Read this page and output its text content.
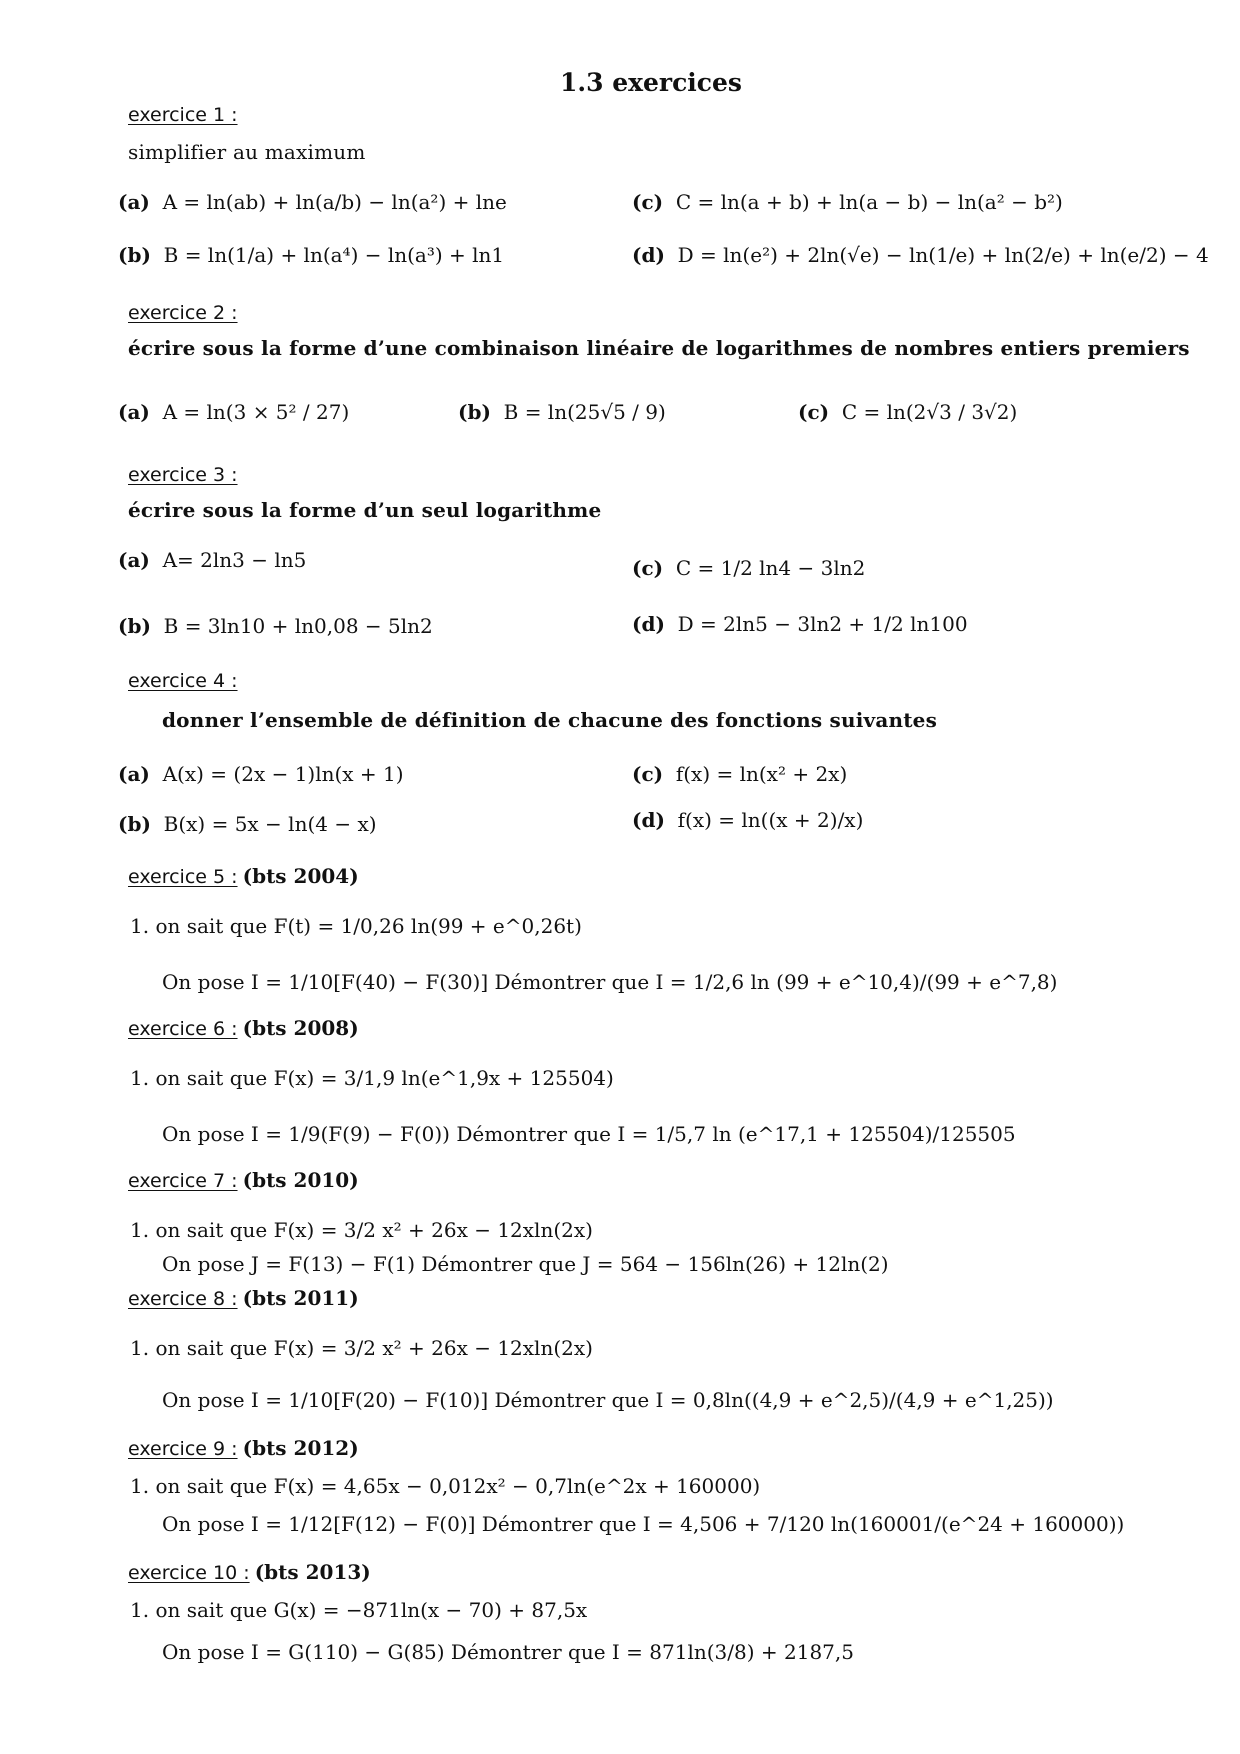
1.3 exercices
exercice 1 :
simplifier au maximum
(a) A = ln(ab) + ln(a/b) − ln(a²) + lne
(b) B = ln(1/a) + ln(a⁴) − ln(a³) + ln1
(c) C = ln(a + b) + ln(a − b) − ln(a² − b²)
(d) D = ln(e²) + 2ln(√e) − ln(1/e) + ln(2/e) + ln(e/2) − 4
exercice 2 :
écrire sous la forme d’une combinaison linéaire de logarithmes de nombres entiers premiers
(a) A = ln(3 × 5² / 27)	(b) B = ln(25√5 / 9)	(c) C = ln(2√3 / 3√2)
exercice 3 :
écrire sous la forme d’un seul logarithme
(a) A= 2ln3 − ln5
(b) B = 3ln10 + ln0,08 − 5ln2
(c) C = 1/2 ln4 − 3ln2
(d) D = 2ln5 − 3ln2 + 1/2 ln100
exercice 4 :
donner l’ensemble de définition de chacune des fonctions suivantes
(a) A(x) = (2x − 1)ln(x + 1)
(b) B(x) = 5x − ln(4 − x)
(c) f(x) = ln(x² + 2x)
(d) f(x) = ln((x + 2)/x)
exercice 5 : (bts 2004)
1. on sait que F(t) = 1/0,26 ln(99 + e^0,26t)
On pose I = 1/10[F(40) − F(30)] Démontrer que I = 1/2,6 ln (99 + e^10,4)/(99 + e^7,8)
exercice 6 : (bts 2008)
1. on sait que F(x) = 3/1,9 ln(e^1,9x + 125504)
On pose I = 1/9(F(9) − F(0)) Démontrer que I = 1/5,7 ln (e^17,1 + 125504)/125505
exercice 7 : (bts 2010)
1. on sait que F(x) = 3/2 x² + 26x − 12xln(2x)
On pose J = F(13) − F(1) Démontrer que J = 564 − 156ln(26) + 12ln(2)
exercice 8 : (bts 2011)
1. on sait que F(x) = 3/2 x² + 26x − 12xln(2x)
On pose I = 1/10[F(20) − F(10)] Démontrer que I = 0,8ln((4,9 + e^2,5)/(4,9 + e^1,25))
exercice 9 : (bts 2012)
1. on sait que F(x) = 4,65x − 0,012x² − 0,7ln(e^2x + 160000)
On pose I = 1/12[F(12) − F(0)] Démontrer que I = 4,506 + 7/120 ln(160001/(e^24 + 160000))
exercice 10 : (bts 2013)
1. on sait que G(x) = −871ln(x − 70) + 87,5x
On pose I = G(110) − G(85) Démontrer que I = 871ln(3/8) + 2187,5
